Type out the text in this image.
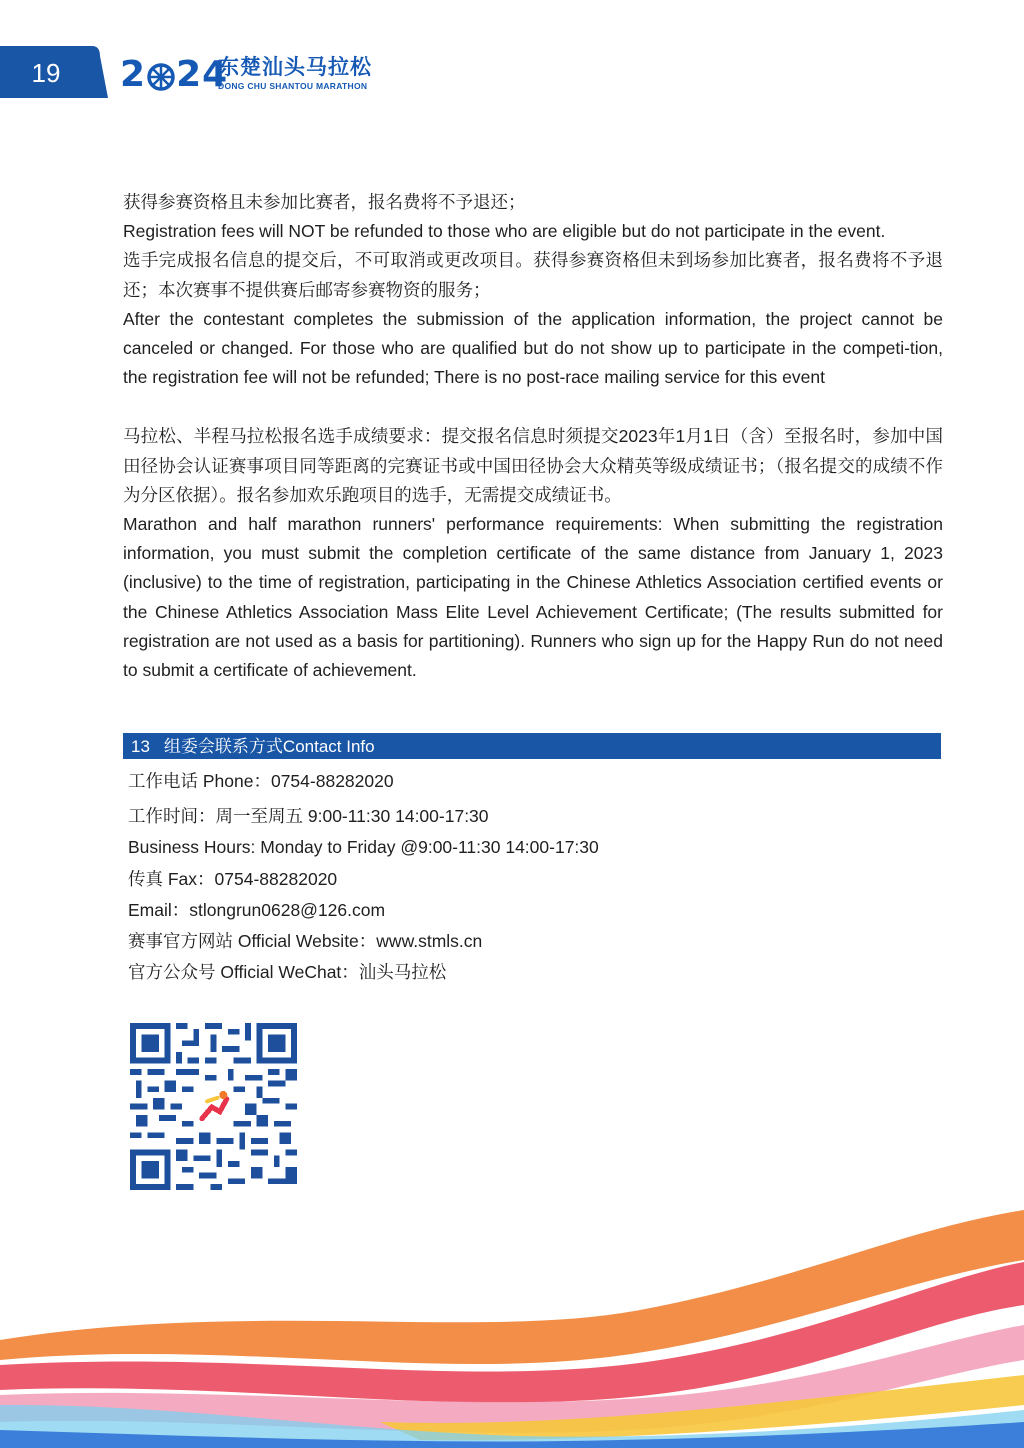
19	2 24
东楚汕头马拉松
DONG CHU SHANTOU MARATHON

获得参赛资格且未参加比赛者，报名费将不予退还；

Registration fees will NOT be refunded to those who are eligible but do not participate in the event.

选手完成报名信息的提交后，不可取消或更改项目。获得参赛资格但未到场参加比赛者，报名费将不予退还；本次赛事不提供赛后邮寄参赛物资的服务；

After the contestant completes the submission of the application information, the project cannot be canceled or changed. For those who are qualified but do not show up to participate in the competi-tion, the registration fee will not be refunded; There is no post-race mailing service for this event

马拉松、半程马拉松报名选手成绩要求：提交报名信息时须提交2023年1月1日（含）至报名时，参加中国田径协会认证赛事项目同等距离的完赛证书或中国田径协会大众精英等级成绩证书；（报名提交的成绩不作为分区依据）。报名参加欢乐跑项目的选手，无需提交成绩证书。

Marathon and half marathon runners' performance requirements: When submitting the registration information, you must submit the completion certificate of the same distance from January 1, 2023 (inclusive) to the time of registration, participating in the Chinese Athletics Association certified events or the Chinese Athletics Association Mass Elite Level Achievement Certificate; (The results submitted for registration are not used as a basis for partitioning). Runners who sign up for the Happy Run do not need to submit a certificate of achievement.

13 组委会联系方式Contact Info
工作电话 Phone：0754-88282020
工作时间：周一至周五 9:00-11:30 14:00-17:30
Business Hours: Monday to Friday @9:00-11:30 14:00-17:30
传真 Fax：0754-88282020
Email：stlongrun0628@126.com
赛事官方网站 Official Website：www.stmls.cn
官方公众号 Official WeChat：汕头马拉松
